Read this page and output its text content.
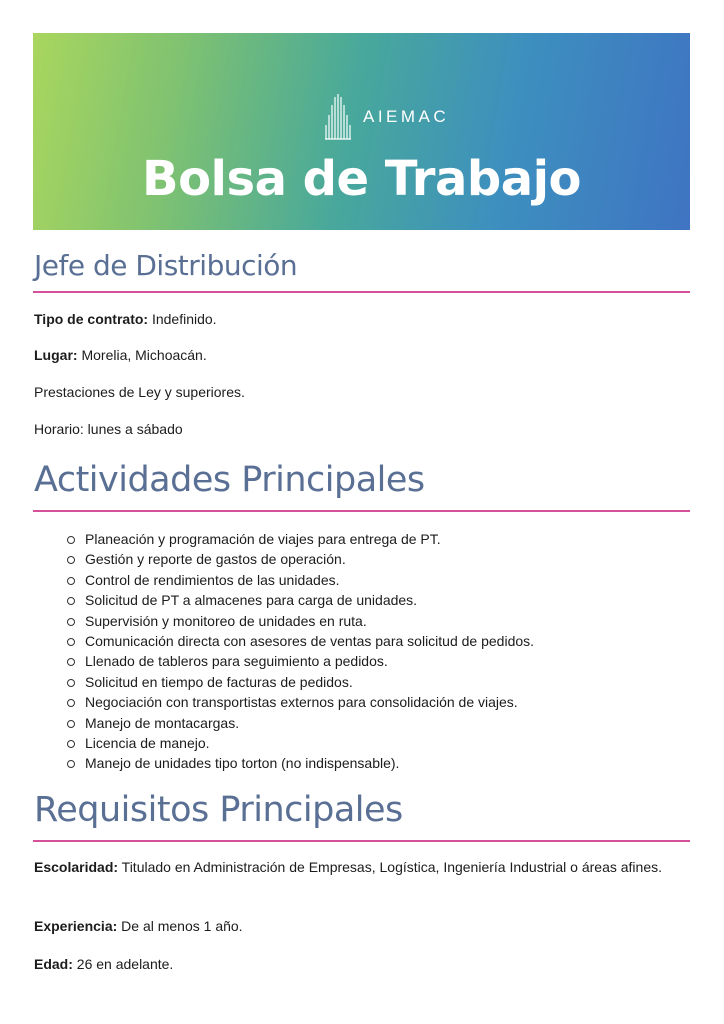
AIEMAC
Bolsa de Trabajo
Jefe de Distribución

Tipo de contrato: Indefinido.

Lugar: Morelia, Michoacán.

Prestaciones de Ley y superiores.

Horario: lunes a sábado

Actividades Principales
Planeación y programación de viajes para entrega de PT.
Gestión y reporte de gastos de operación.
Control de rendimientos de las unidades.
Solicitud de PT a almacenes para carga de unidades.
Supervisión y monitoreo de unidades en ruta.
Comunicación directa con asesores de ventas para solicitud de pedidos.
Llenado de tableros para seguimiento a pedidos.
Solicitud en tiempo de facturas de pedidos.
Negociación con transportistas externos para consolidación de viajes.
Manejo de montacargas.
Licencia de manejo.
Manejo de unidades tipo torton (no indispensable).
Requisitos Principales

Escolaridad: Titulado en Administración de Empresas, Logística, Ingeniería Industrial o áreas afines.

Experiencia: De al menos 1 año.

Edad: 26 en adelante.
